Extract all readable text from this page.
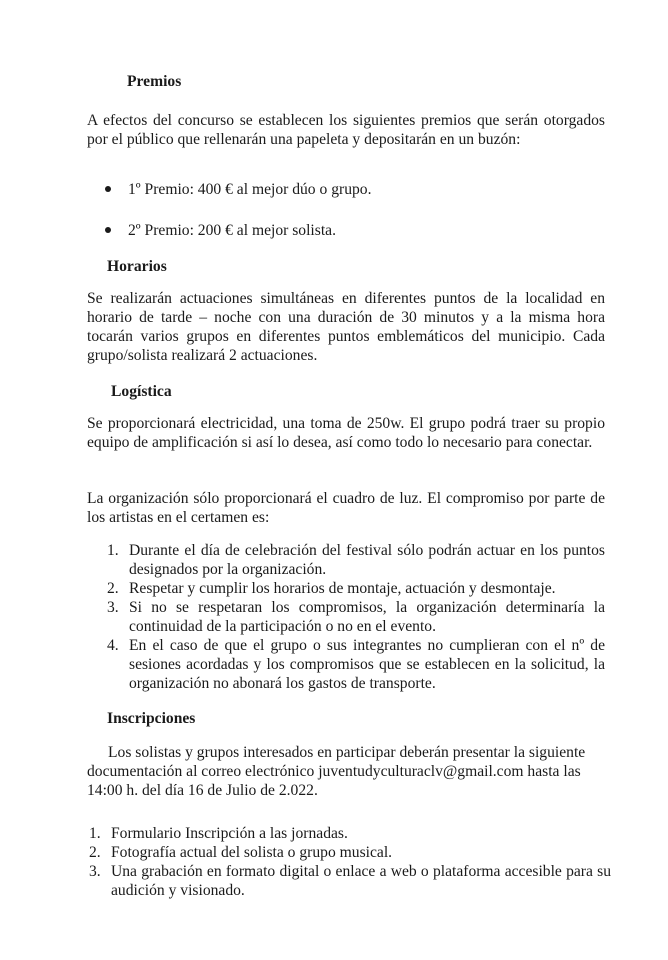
Premios

A efectos del concurso se establecen los siguientes premios que serán otorgados por el público que rellenarán una papeleta y depositarán en un buzón:

1º Premio: 400 € al mejor dúo o grupo.

2º Premio: 200 € al mejor solista.

Horarios

Se realizarán actuaciones simultáneas en diferentes puntos de la localidad en horario de tarde – noche con una duración de 30 minutos y a la misma hora tocarán varios grupos en diferentes puntos emblemáticos del municipio. Cada grupo/solista realizará 2 actuaciones.

Logística

Se proporcionará electricidad, una toma de 250w. El grupo podrá traer su propio equipo de amplificación si así lo desea, así como todo lo necesario para conectar.

La organización sólo proporcionará el cuadro de luz. El compromiso por parte de los artistas en el certamen es:

1. Durante el día de celebración del festival sólo podrán actuar en los puntos designados por la organización.
2. Respetar y cumplir los horarios de montaje, actuación y desmontaje.
3. Si no se respetaran los compromisos, la organización determinaría la continuidad de la participación o no en el evento.
4. En el caso de que el grupo o sus integrantes no cumplieran con el nº de sesiones acordadas y los compromisos que se establecen en la solicitud, la organización no abonará los gastos de transporte.
Inscripciones

Los solistas y grupos interesados en participar deberán presentar la siguiente documentación al correo electrónico juventudyculturaclv@gmail.com hasta las 14:00 h. del día 16 de Julio de 2.022.

1. Formulario Inscripción a las jornadas.
2. Fotografía actual del solista o grupo musical.
3. Una grabación en formato digital o enlace a web o plataforma accesible para su audición y visionado.
